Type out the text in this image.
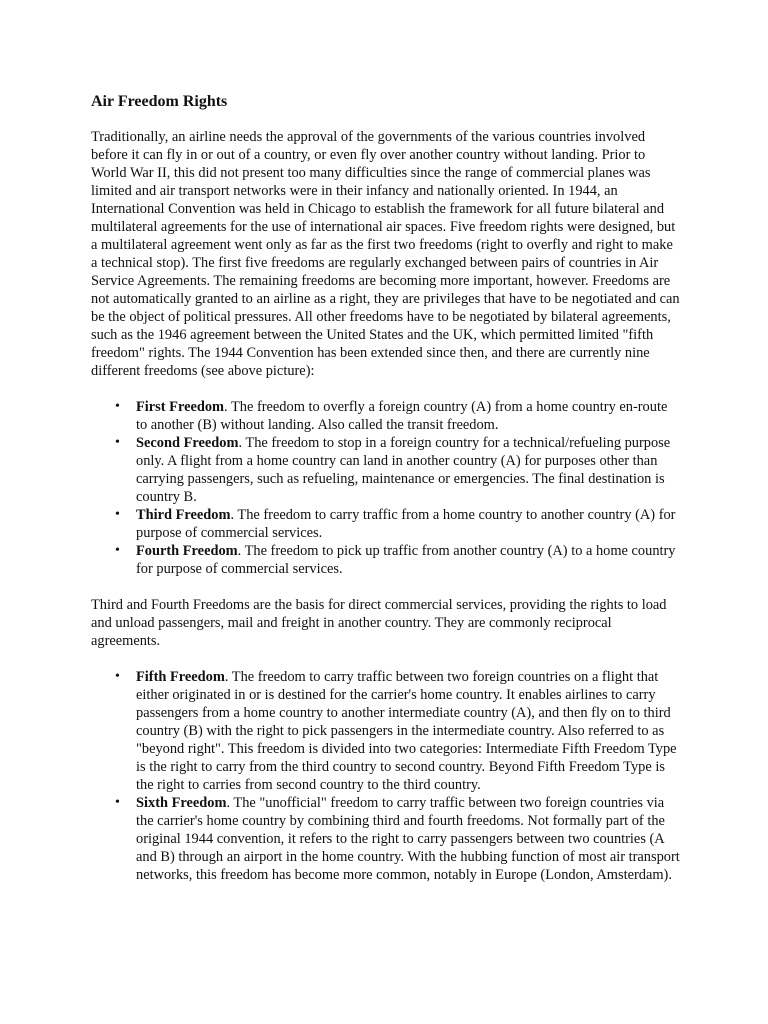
Air Freedom Rights

Traditionally, an airline needs the approval of the governments of the various countries involved before it can fly in or out of a country, or even fly over another country without landing. Prior to World War II, this did not present too many difficulties since the range of commercial planes was limited and air transport networks were in their infancy and nationally oriented. In 1944, an International Convention was held in Chicago to establish the framework for all future bilateral and multilateral agreements for the use of international air spaces. Five freedom rights were designed, but a multilateral agreement went only as far as the first two freedoms (right to overfly and right to make a technical stop). The first five freedoms are regularly exchanged between pairs of countries in Air Service Agreements. The remaining freedoms are becoming more important, however. Freedoms are not automatically granted to an airline as a right, they are privileges that have to be negotiated and can be the object of political pressures. All other freedoms have to be negotiated by bilateral agreements, such as the 1946 agreement between the United States and the UK, which permitted limited "fifth freedom" rights. The 1944 Convention has been extended since then, and there are currently nine different freedoms (see above picture):

• First Freedom. The freedom to overfly a foreign country (A) from a home country en-route to another (B) without landing. Also called the transit freedom.
• Second Freedom. The freedom to stop in a foreign country for a technical/refueling purpose only. A flight from a home country can land in another country (A) for purposes other than carrying passengers, such as refueling, maintenance or emergencies. The final destination is country B.
• Third Freedom. The freedom to carry traffic from a home country to another country (A) for purpose of commercial services.
• Fourth Freedom. The freedom to pick up traffic from another country (A) to a home country for purpose of commercial services.

Third and Fourth Freedoms are the basis for direct commercial services, providing the rights to load and unload passengers, mail and freight in another country. They are commonly reciprocal agreements.

• Fifth Freedom. The freedom to carry traffic between two foreign countries on a flight that either originated in or is destined for the carrier's home country. It enables airlines to carry passengers from a home country to another intermediate country (A), and then fly on to third country (B) with the right to pick passengers in the intermediate country. Also referred to as "beyond right". This freedom is divided into two categories: Intermediate Fifth Freedom Type is the right to carry from the third country to second country. Beyond Fifth Freedom Type is the right to carries from second country to the third country.
• Sixth Freedom. The "unofficial" freedom to carry traffic between two foreign countries via the carrier's home country by combining third and fourth freedoms. Not formally part of the original 1944 convention, it refers to the right to carry passengers between two countries (A and B) through an airport in the home country. With the hubbing function of most air transport networks, this freedom has become more common, notably in Europe (London, Amsterdam).
